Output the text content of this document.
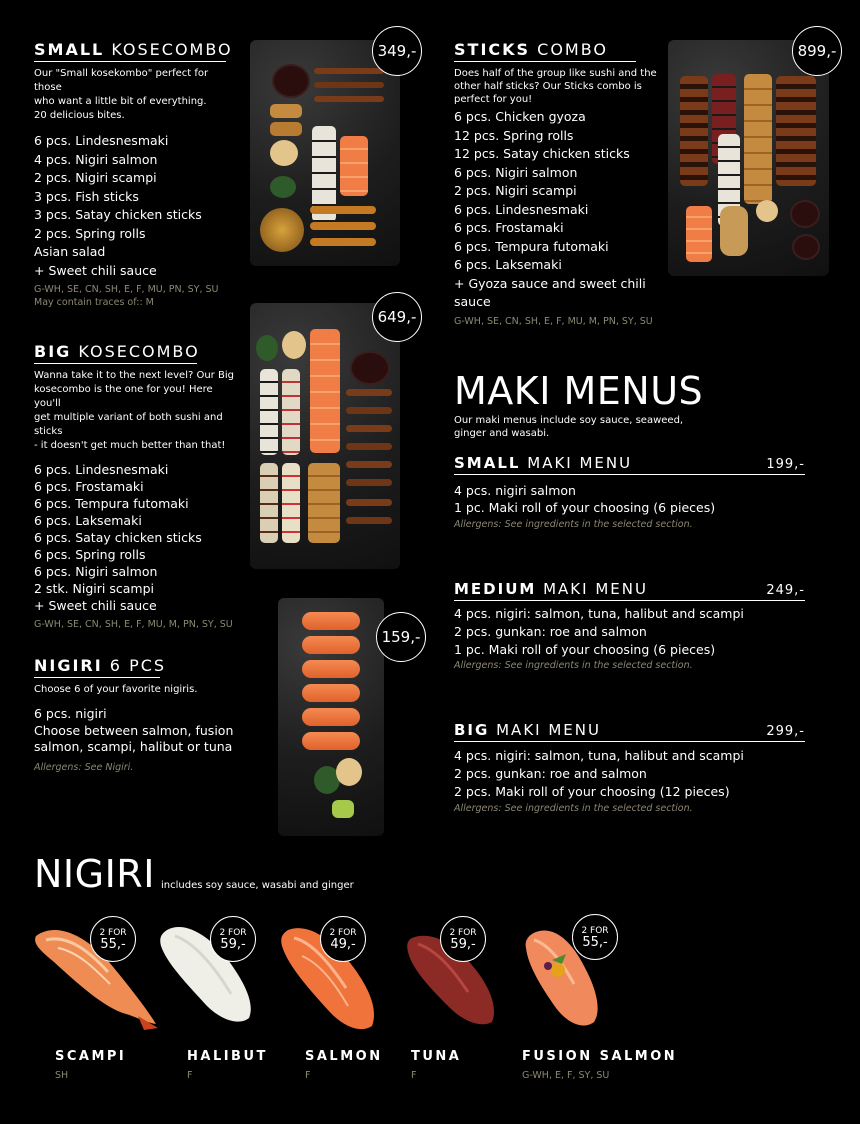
SMALL KOSECOMBO
Our "Small kosekombo" perfect for those
who want a little bit of everything.
20 delicious bites.
6 pcs. Lindesnesmaki
4 pcs. Nigiri salmon
2 pcs. Nigiri scampi
3 pcs. Fish sticks
3 pcs. Satay chicken sticks
2 pcs. Spring rolls
Asian salad
+ Sweet chili sauce
G-WH, SE, CN, SH, E, F, MU, PN, SY, SU
May contain traces of:: M
349,-
BIG KOSECOMBO
Wanna take it to the next level? Our Big
kosecombo is the one for you! Here you'll
get multiple variant of both sushi and sticks
- it doesn't get much better than that!
6 pcs. Lindesnesmaki
6 pcs. Frostamaki
6 pcs. Tempura futomaki
6 pcs. Laksemaki
6 pcs. Satay chicken sticks
6 pcs. Spring rolls
6 pcs. Nigiri salmon
2 stk. Nigiri scampi
+ Sweet chili sauce
G-WH, SE, CN, SH, E, F, MU, M, PN, SY, SU
649,-
NIGIRI 6 PCS
Choose 6 of your favorite nigiris.
6 pcs. nigiri
Choose between salmon, fusion
salmon, scampi, halibut or tuna
Allergens: See Nigiri.
159,-
STICKS COMBO
Does half of the group like sushi and the
other half sticks? Our Sticks combo is
perfect for you!
6 pcs. Chicken gyoza
12 pcs. Spring rolls
12 pcs. Satay chicken sticks
6 pcs. Nigiri salmon
2 pcs. Nigiri scampi
6 pcs. Lindesnesmaki
6 pcs. Frostamaki
6 pcs. Tempura futomaki
6 pcs. Laksemaki
+ Gyoza sauce and sweet chili sauce
G-WH, SE, CN, SH, E, F, MU, M, PN, SY, SU
899,-
MAKI MENUS
Our maki menus include soy sauce, seaweed,
ginger and wasabi.
SMALL MAKI MENU	199,-
4 pcs. nigiri salmon
1 pc. Maki roll of your choosing (6 pieces)
Allergens: See ingredients in the selected section.
MEDIUM MAKI MENU	249,-
4 pcs. nigiri: salmon, tuna, halibut and scampi
2 pcs. gunkan: roe and salmon
1 pc. Maki roll of your choosing (6 pieces)
Allergens: See ingredients in the selected section.
BIG MAKI MENU	299,-
4 pcs. nigiri: salmon, tuna, halibut and scampi
2 pcs. gunkan: roe and salmon
2 pcs. Maki roll of your choosing (12 pieces)
Allergens: See ingredients in the selected section.
NIGIRI includes soy sauce, wasabi and ginger
2 FOR
55,-
SCAMPI
SH
2 FOR
59,-
HALIBUT
F
2 FOR
49,-
SALMON
F
2 FOR
59,-
TUNA
F
2 FOR
55,-
FUSION SALMON
G-WH, E, F, SY, SU
